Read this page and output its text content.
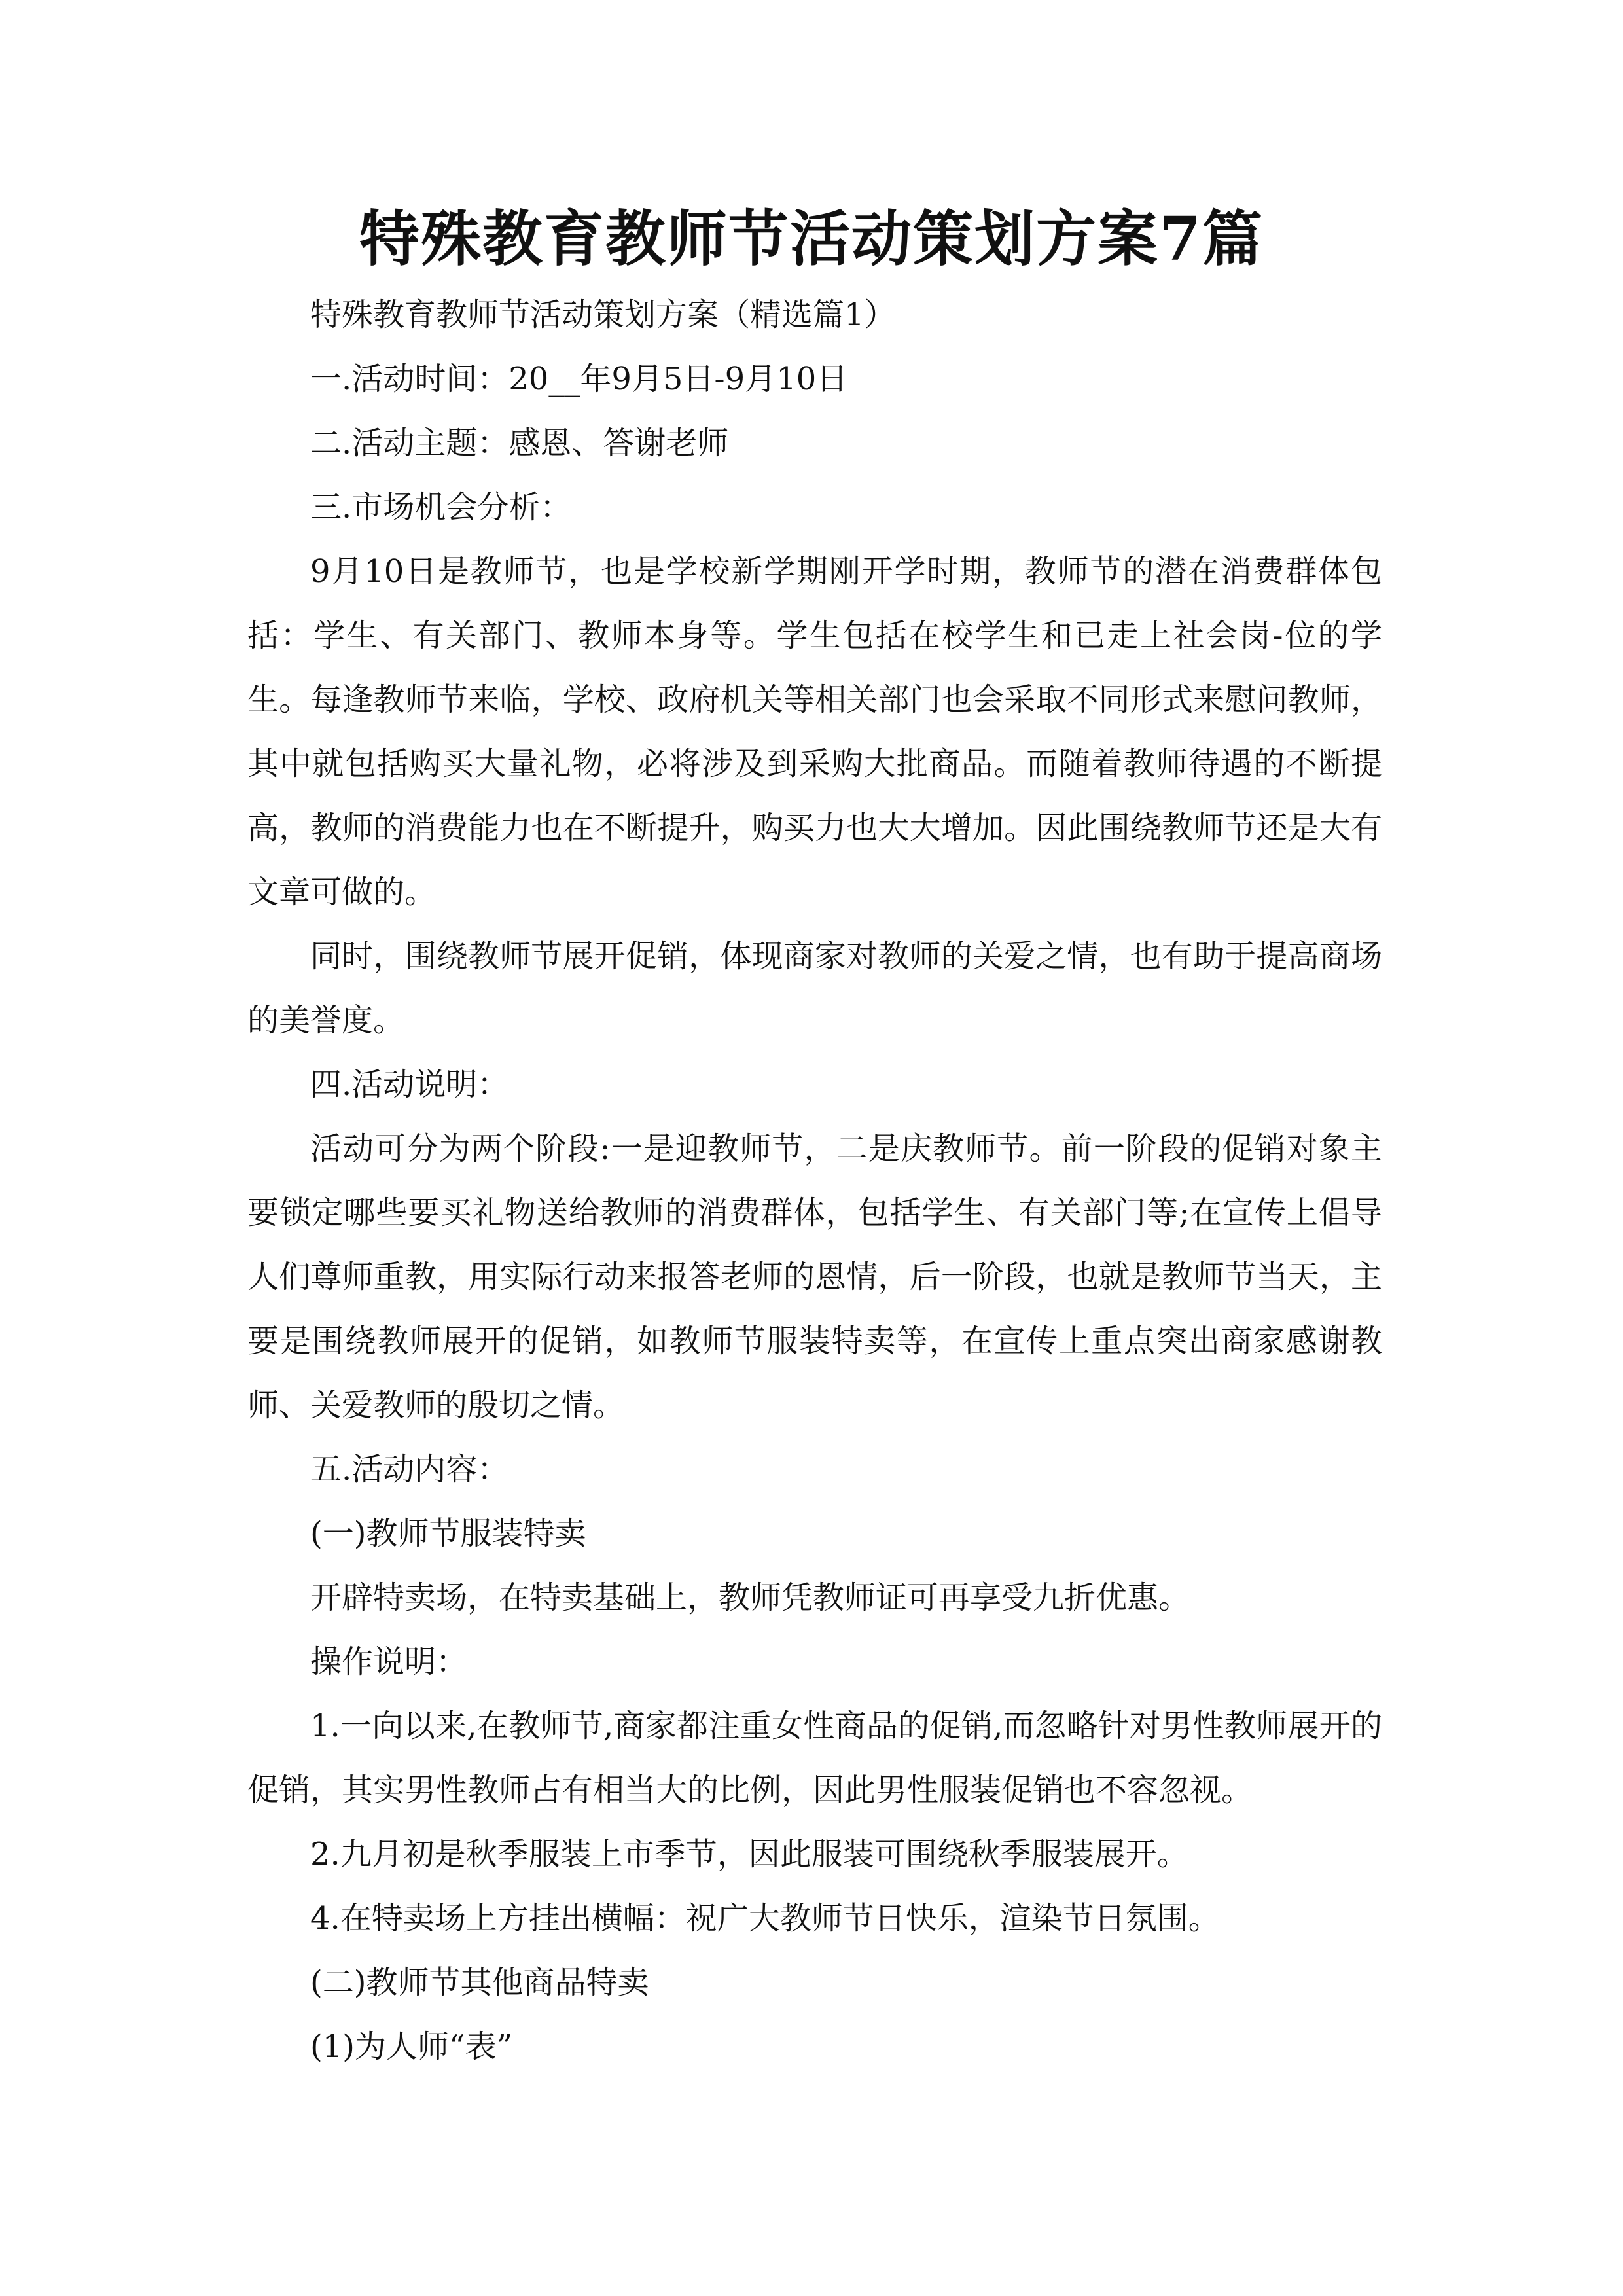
特殊教育教师节活动策划方案7篇

特殊教育教师节活动策划方案（精选篇1）

一.活动时间：20__年9月5日-9月10日

二.活动主题：感恩、答谢老师

三.市场机会分析：

9月10日是教师节，也是学校新学期刚开学时期，教师节的潜在消费群体包括：学生、有关部门、教师本身等。学生包括在校学生和已走上社会岗-位的学生。每逢教师节来临，学校、政府机关等相关部门也会采取不同形式来慰问教师，其中就包括购买大量礼物，必将涉及到采购大批商品。而随着教师待遇的不断提高，教师的消费能力也在不断提升，购买力也大大增加。因此围绕教师节还是大有文章可做的。

同时，围绕教师节展开促销，体现商家对教师的关爱之情，也有助于提高商场的美誉度。

四.活动说明：

活动可分为两个阶段:一是迎教师节，二是庆教师节。前一阶段的促销对象主要锁定哪些要买礼物送给教师的消费群体，包括学生、有关部门等;在宣传上倡导人们尊师重教，用实际行动来报答老师的恩情，后一阶段，也就是教师节当天，主要是围绕教师展开的促销，如教师节服装特卖等，在宣传上重点突出商家感谢教师、关爱教师的殷切之情。

五.活动内容：

(一)教师节服装特卖

开辟特卖场，在特卖基础上，教师凭教师证可再享受九折优惠。

操作说明：

1.一向以来,在教师节,商家都注重女性商品的促销,而忽略针对男性教师展开的促销，其实男性教师占有相当大的比例，因此男性服装促销也不容忽视。

2.九月初是秋季服装上市季节，因此服装可围绕秋季服装展开。

4.在特卖场上方挂出横幅：祝广大教师节日快乐，渲染节日氛围。

(二)教师节其他商品特卖

(1)为人师“表”
